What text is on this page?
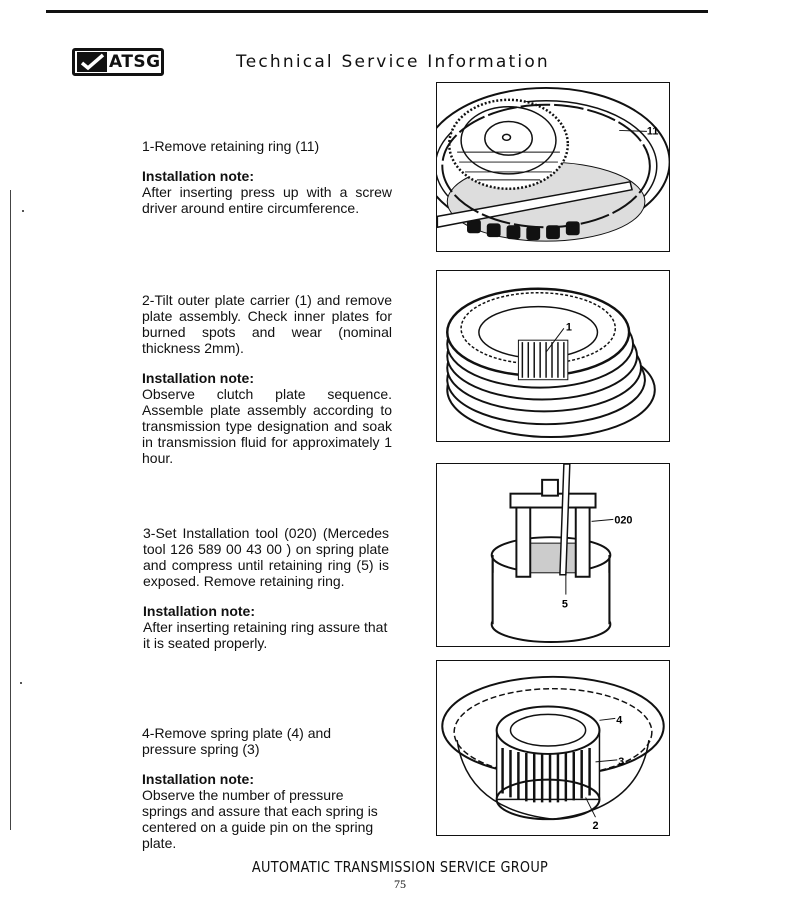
ATSG	Technical Service Information

1-Remove retaining ring (11)

Installation note:

After inserting press up with a screw driver around entire circumference.

2-Tilt outer plate carrier (1) and remove plate assembly. Check inner plates for burned spots and wear (nominal thickness 2mm).

Installation note:

Observe clutch plate sequence. Assemble plate assembly according to transmission type designation and soak in transmission fluid for approximately 1 hour.

3-Set Installation tool (020) (Mercedes tool 126 589 00 43 00 ) on spring plate and compress until retaining ring (5) is exposed. Remove retaining ring.

Installation note:

After inserting retaining ring assure that it is seated properly.

4-Remove spring plate (4) and pressure spring (3)

Installation note:

Observe the number of pressure springs and assure that each spring is centered on a guide pin on the spring plate.

11
1
020
5
4
3
2
AUTOMATIC TRANSMISSION SERVICE GROUP
75
